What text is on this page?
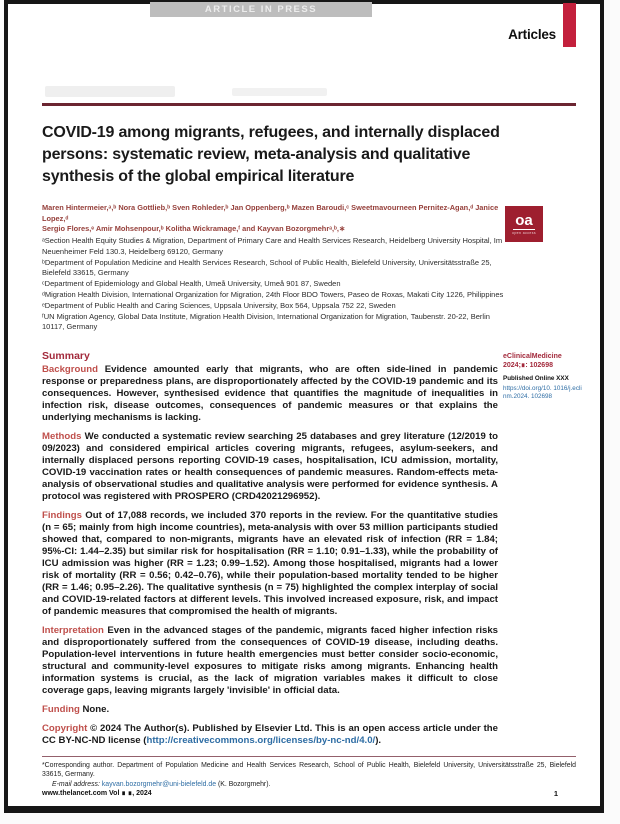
ARTICLE IN PRESS
Articles
COVID-19 among migrants, refugees, and internally displaced persons: systematic review, meta-analysis and qualitative synthesis of the global empirical literature
Maren Hintermeier,ᵃ,ᵇ Nora Gottlieb,ᵇ Sven Rohleder,ᵇ Jan Oppenberg,ᵇ Mazen Baroudi,ᶜ Sweetmavourneen Pernitez-Agan,ᵈ Janice Lopez,ᵈ
Sergio Flores,ᵉ Amir Mohsenpour,ᵇ Kolitha Wickramage,ᶠ and Kayvan Bozorgmehrᵃ,ᵇ,∗	oa
open access
ᵃSection Health Equity Studies & Migration, Department of Primary Care and Health Services Research, Heidelberg University Hospital, Im Neuenheimer Feld 130.3, Heidelberg 69120, Germany
ᵇDepartment of Population Medicine and Health Services Research, School of Public Health, Bielefeld University, Universitätsstraße 25, Bielefeld 33615, Germany
ᶜDepartment of Epidemiology and Global Health, Umeå University, Umeå 901 87, Sweden
ᵈMigration Health Division, International Organization for Migration, 24th Floor BDO Towers, Paseo de Roxas, Makati City 1226, Philippines
ᵉDepartment of Public Health and Caring Sciences, Uppsala University, Box 564, Uppsala 752 22, Sweden
ᶠUN Migration Agency, Global Data Institute, Migration Health Division, International Organization for Migration, Taubenstr. 20-22, Berlin 10117, Germany
Summary

Background Evidence amounted early that migrants, who are often side-lined in pandemic response or preparedness plans, are disproportionately affected by the COVID-19 pandemic and its consequences. However, synthesised evidence that quantifies the magnitude of inequalities in infection risk, disease outcomes, consequences of pandemic measures or that explains the underlying mechanisms is lacking.

Methods We conducted a systematic review searching 25 databases and grey literature (12/2019 to 09/2023) and considered empirical articles covering migrants, refugees, asylum-seekers, and internally displaced persons reporting COVID-19 cases, hospitalisation, ICU admission, mortality, COVID-19 vaccination rates or health consequences of pandemic measures. Random-effects meta-analysis of observational studies and qualitative analysis were performed for evidence synthesis. A protocol was registered with PROSPERO (CRD42021296952).

Findings Out of 17,088 records, we included 370 reports in the review. For the quantitative studies (n = 65; mainly from high income countries), meta-analysis with over 53 million participants studied showed that, compared to non-migrants, migrants have an elevated risk of infection (RR = 1.84; 95%-CI: 1.44–2.35) but similar risk for hospitalisation (RR = 1.10; 0.91–1.33), while the probability of ICU admission was higher (RR = 1.23; 0.99–1.52). Among those hospitalised, migrants had a lower risk of mortality (RR = 0.56; 0.42–0.76), while their population-based mortality tended to be higher (RR = 1.46; 0.95–2.26). The qualitative synthesis (n = 75) highlighted the complex interplay of social and COVID-19-related factors at different levels. This involved increased exposure, risk, and impact of pandemic measures that compromised the health of migrants.

Interpretation Even in the advanced stages of the pandemic, migrants faced higher infection risks and disproportionately suffered from the consequences of COVID-19 disease, including deaths. Population-level interventions in future health emergencies must better consider socio-economic, structural and community-level exposures to mitigate risks among migrants. Enhancing health information systems is crucial, as the lack of migration variables makes it difficult to close coverage gaps, leaving migrants largely 'invisible' in official data.

Funding None.

Copyright © 2024 The Author(s). Published by Elsevier Ltd. This is an open access article under the CC BY-NC-ND license (http://creativecommons.org/licenses/by-nc-nd/4.0/).

eClinicalMedicine
2024;∎: 102698
Published Online XXX
https://doi.org/10. 1016/j.eclinm.2024. 102698
*Corresponding author. Department of Population Medicine and Health Services Research, School of Public Health, Bielefeld University, Universitätsstraße 25, Bielefeld 33615, Germany.
E-mail address: kayvan.bozorgmehr@uni-bielefeld.de (K. Bozorgmehr).
www.thelancet.com Vol ∎ ∎, 2024	1
